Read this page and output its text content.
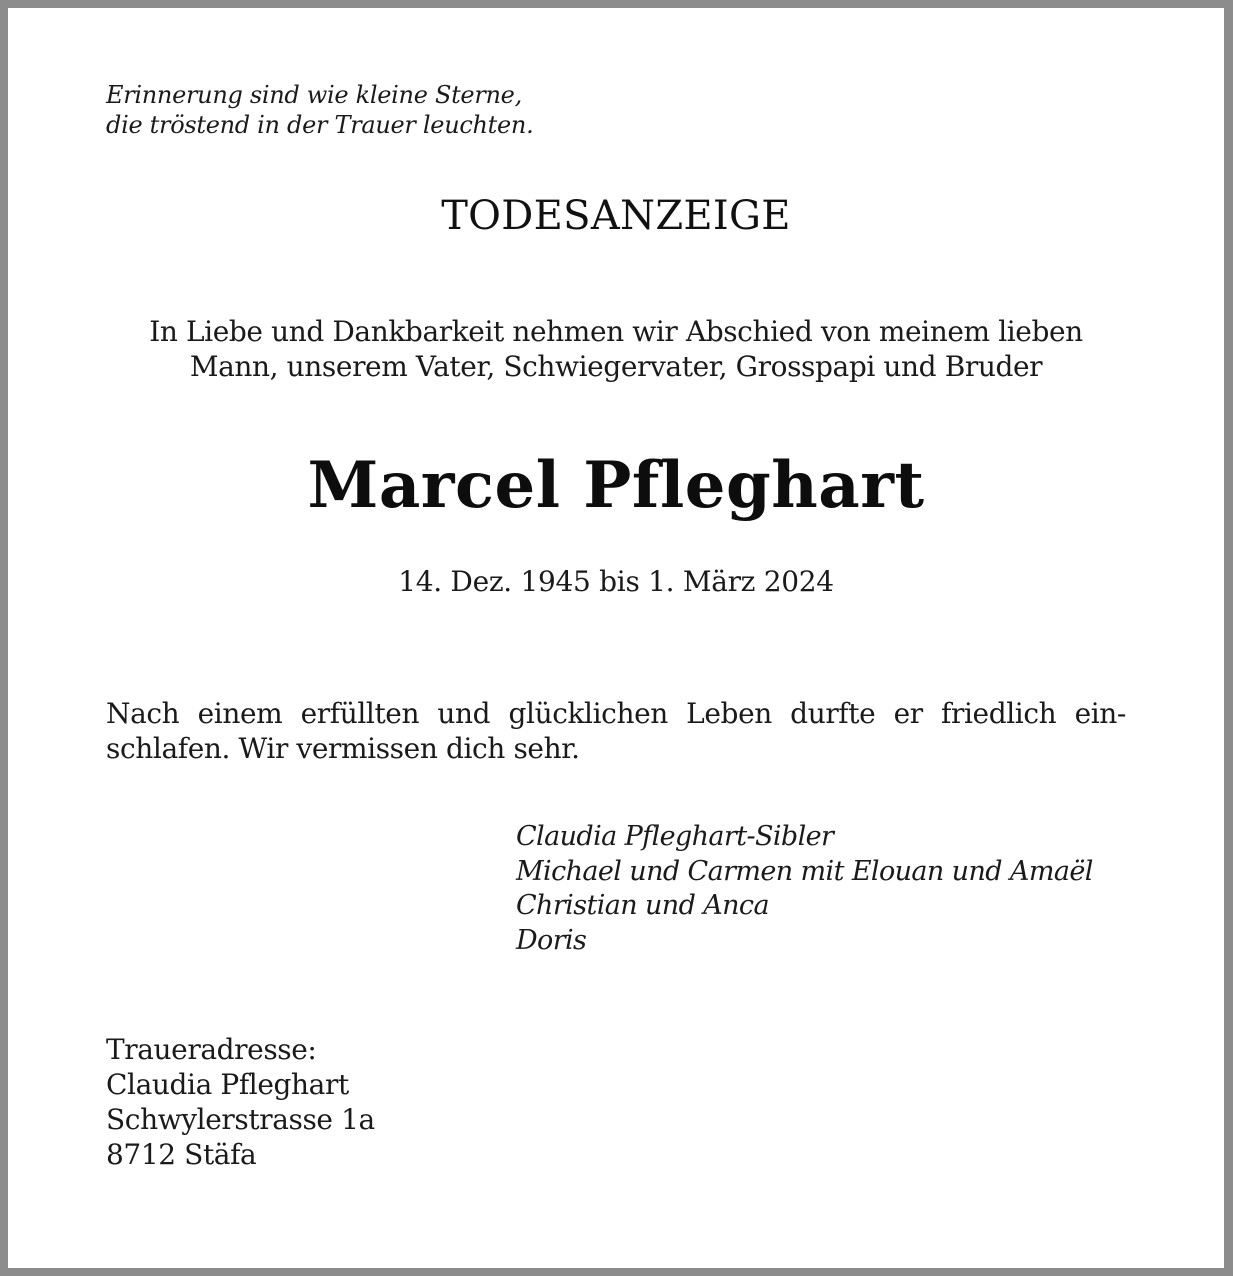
Erinnerung sind wie kleine Sterne,
die tröstend in der Trauer leuchten.
TODESANZEIGE
In Liebe und Dankbarkeit nehmen wir Abschied von meinem lieben
Mann, unserem Vater, Schwiegervater, Grosspapi und Bruder
Marcel Pfleghart
14. Dez. 1945 bis 1. März 2024
Nach einem erfüllten und glücklichen Leben durfte er friedlich ein-
schlafen. Wir vermissen dich sehr.
Claudia Pfleghart-Sibler
Michael und Carmen mit Elouan und Amaël
Christian und Anca
Doris
Traueradresse:
Claudia Pfleghart
Schwylerstrasse 1a
8712 Stäfa
